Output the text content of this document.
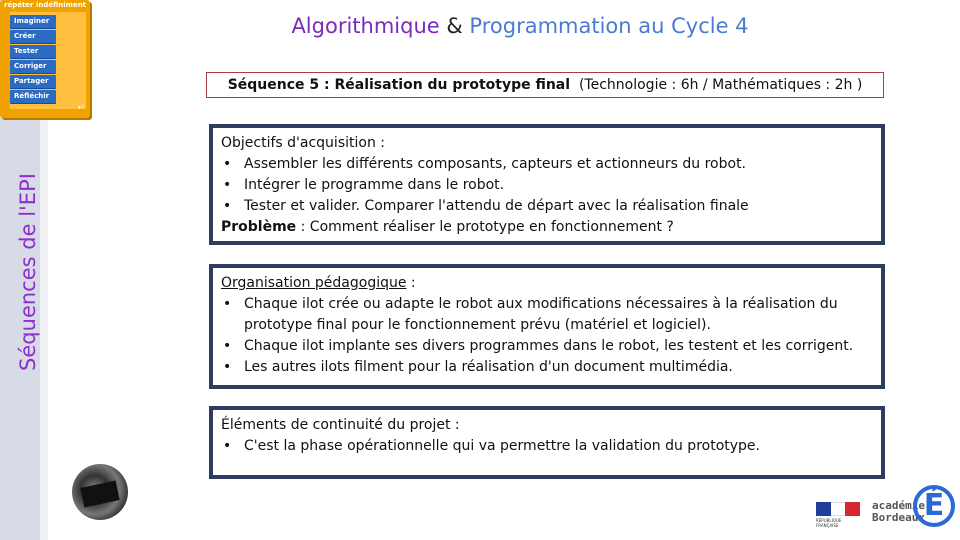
Séquences de l'EPI
répéter indéfiniment
Imaginer
Créer
Tester
Corriger
Partager
Réfléchir
↵
Algorithmique & Programmation au Cycle 4
Séquence 5 : Réalisation du prototype final (Technologie : 6h / Mathématiques : 2h )
Objectifs d'acquisition :
• Assembler les différents composants, capteurs et actionneurs du robot.
• Intégrer le programme dans le robot.
• Tester et valider. Comparer l'attendu de départ avec la réalisation finale
Problème : Comment réaliser le prototype en fonctionnement ?
Organisation pédagogique :
• Chaque ilot crée ou adapte le robot aux modifications nécessaires à la réalisation du prototype final pour le fonctionnement prévu (matériel et logiciel).
• Chaque ilot implante ses divers programmes dans le robot, les testent et les corrigent.
• Les autres ilots filment pour la réalisation d'un document multimédia.
Éléments de continuité du projet :
• C'est la phase opérationnelle qui va permettre la validation du prototype.
RÉPUBLIQUE FRANÇAISE
académie
Bordeaux
É
